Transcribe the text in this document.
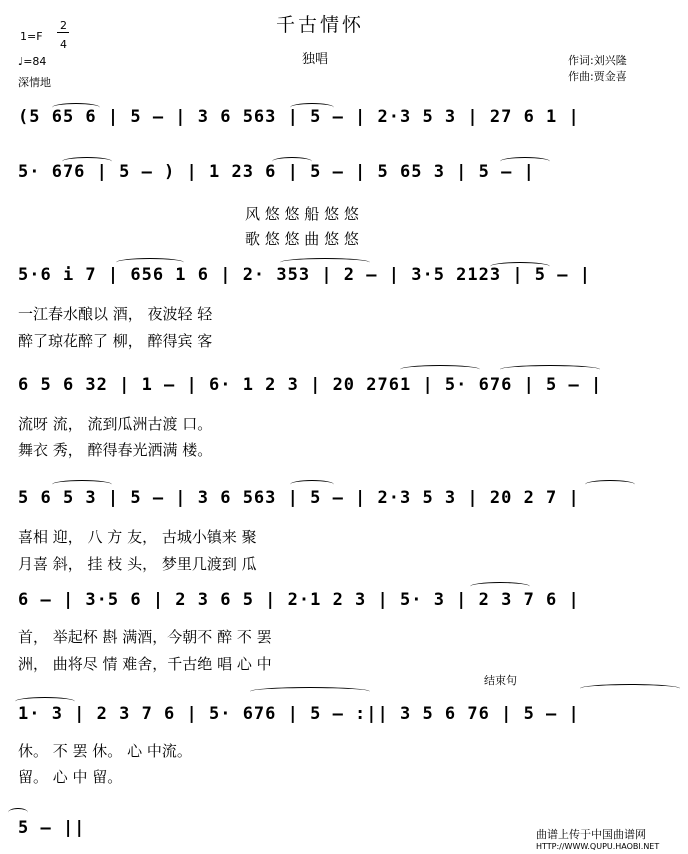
千古情怀
独唱
1=F
2
4
♩=84
深情地
作词:刘兴隆
作曲:贾金喜
(5 65 6 | 5 – | 3 6 563 | 5 – | 2·3 5 3 | 27 6 1 |
5· 676 | 5 – ) | 1 23 6 | 5 – | 5 65 3 | 5 – |
风 悠 悠 船 悠 悠
歌 悠 悠 曲 悠 悠
5·6 i 7 | 656 1 6 | 2· 353 | 2 – | 3·5 2123 | 5 – |
一江春水酿以 酒， 夜波轻 轻
醉了琼花醉了 柳， 醉得宾 客
6 5 6 32 | 1 – | 6· 1 2 3 | 20 2761 | 5· 676 | 5 – |
流呀 流， 流到瓜洲古渡 口。
舞衣 秀， 醉得春光洒满 楼。
5 6 5 3 | 5 – | 3 6 563 | 5 – | 2·3 5 3 | 20 2 7 |
喜相 迎， 八 方 友， 古城小镇来 聚
月喜 斜， 挂 枝 头， 梦里几渡到 瓜
6 – | 3·5 6 | 2 3 6 5 | 2·1 2 3 | 5· 3 | 2 3 7 6 |
首， 举起杯 斟 满酒，今朝不 醉 不 罢
洲， 曲将尽 情 难舍，千古绝 唱 心 中
结束句
1· 3 | 2 3 7 6 | 5· 676 | 5 – :|| 3 5 6 76 | 5 – |
休。 不 罢 休。 心 中流。
留。 心 中 留。
5 – ||	曲谱上传于中国曲谱网
HTTP://WWW.QUPU.HAOBI.NET
